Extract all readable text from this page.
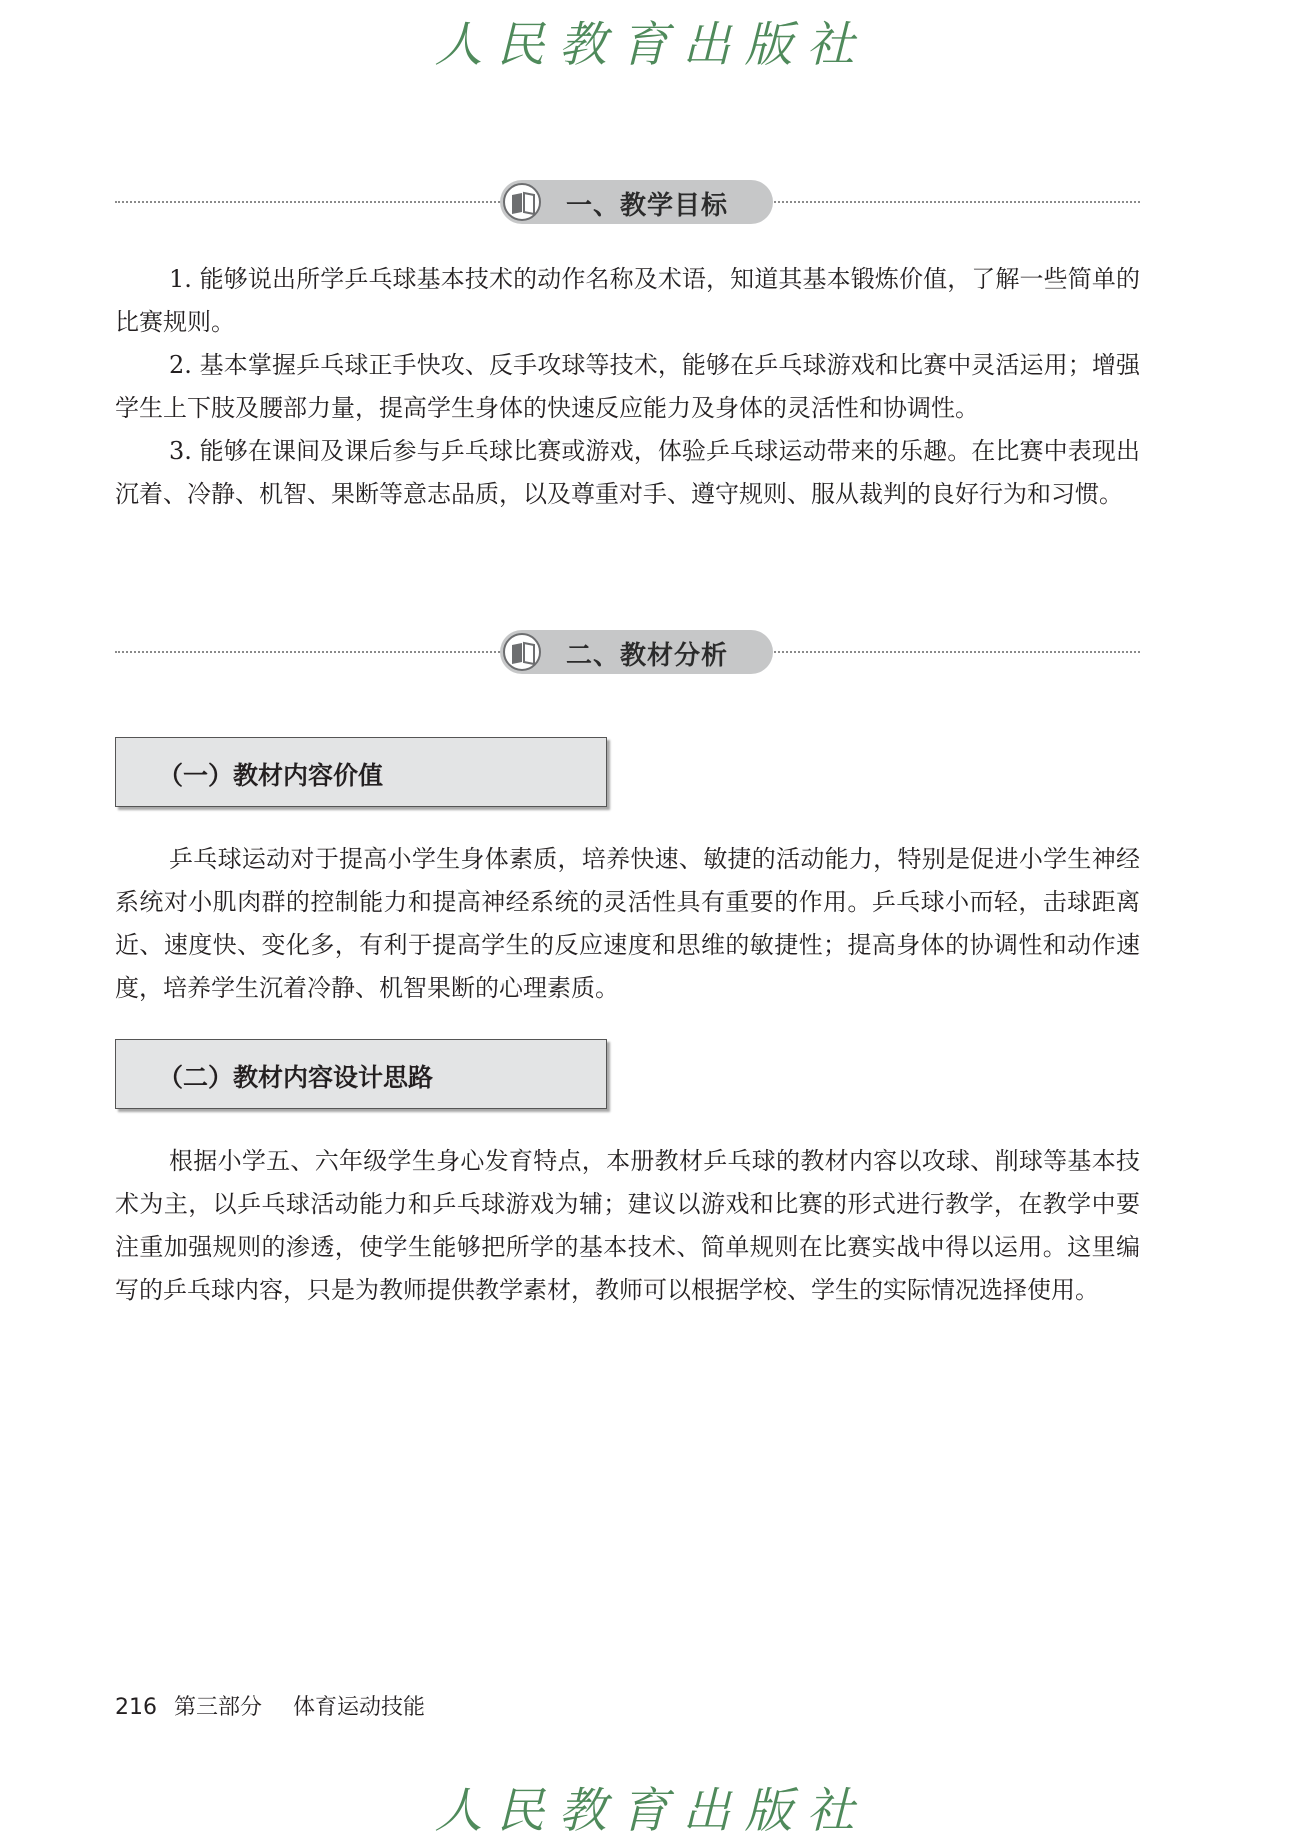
人民教育出版社
一、教学目标

1. 能够说出所学乒乓球基本技术的动作名称及术语，知道其基本锻炼价值，了解一些简单的比赛规则。

2. 基本掌握乒乓球正手快攻、反手攻球等技术，能够在乒乓球游戏和比赛中灵活运用；增强学生上下肢及腰部力量，提高学生身体的快速反应能力及身体的灵活性和协调性。

3. 能够在课间及课后参与乒乓球比赛或游戏，体验乒乓球运动带来的乐趣。在比赛中表现出沉着、冷静、机智、果断等意志品质，以及尊重对手、遵守规则、服从裁判的良好行为和习惯。

二、教材分析
（一）教材内容价值

乒乓球运动对于提高小学生身体素质，培养快速、敏捷的活动能力，特别是促进小学生神经系统对小肌肉群的控制能力和提高神经系统的灵活性具有重要的作用。乒乓球小而轻，击球距离近、速度快、变化多，有利于提高学生的反应速度和思维的敏捷性；提高身体的协调性和动作速度，培养学生沉着冷静、机智果断的心理素质。

（二）教材内容设计思路

根据小学五、六年级学生身心发育特点，本册教材乒乓球的教材内容以攻球、削球等基本技术为主，以乒乓球活动能力和乒乓球游戏为辅；建议以游戏和比赛的形式进行教学，在教学中要注重加强规则的渗透，使学生能够把所学的基本技术、简单规则在比赛实战中得以运用。这里编写的乒乓球内容，只是为教师提供教学素材，教师可以根据学校、学生的实际情况选择使用。

216 第三部分 体育运动技能
人民教育出版社
